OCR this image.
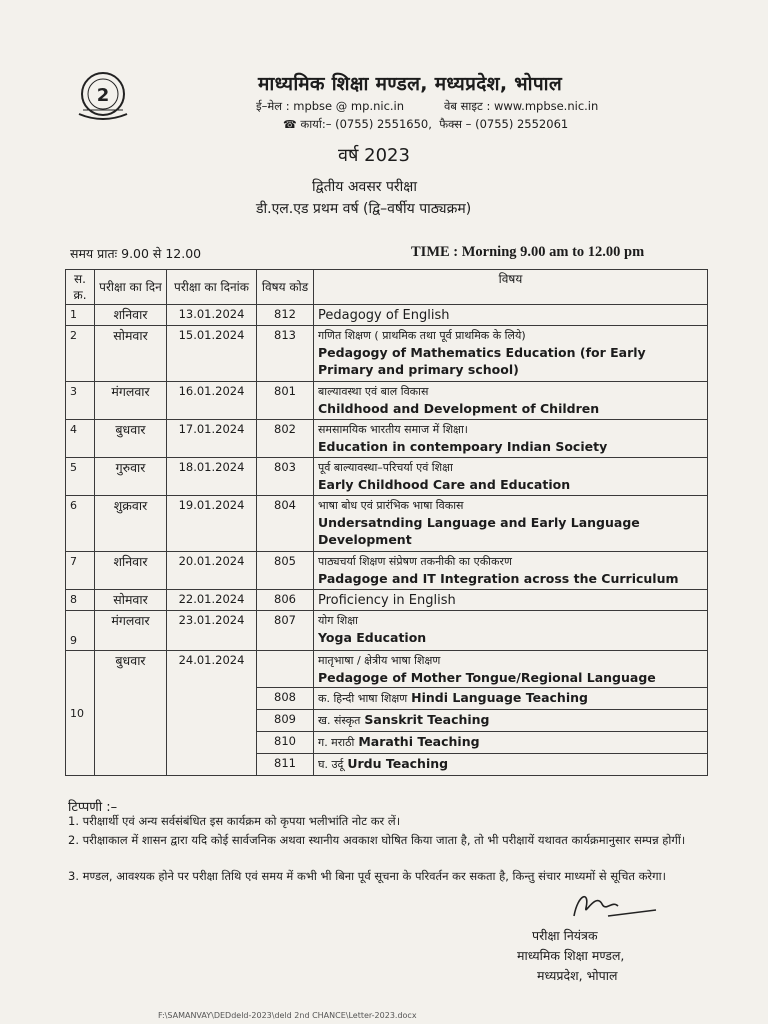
2
माध्यमिक शिक्षा मण्डल, मध्यप्रदेश, भोपाल
ई–मेल : mpbse @ mp.nic.in	वेब साइट : www.mpbse.nic.in
☎ कार्या:– (0755) 2551650, फैक्स – (0755) 2552061
वर्ष 2023
द्वितीय अवसर परीक्षा
डी.एल.एड प्रथम वर्ष (द्वि–वर्षीय पाठ्यक्रम)
समय प्रातः 9.00 से 12.00	TIME : Morning 9.00 am to 12.00 pm
स. क्र.	परीक्षा का दिन	परीक्षा का दिनांक	विषय कोड	विषय
1	शनिवार	13.01.2024	812	Pedagogy of English
2	सोमवार	15.01.2024	813	गणित शिक्षण ( प्राथमिक तथा पूर्व प्राथमिक के लिये)
Pedagogy of Mathematics Education (for Early Primary and primary school)
3	मंगलवार	16.01.2024	801	बाल्यावस्था एवं बाल विकास
Childhood and Development of Children
4	बुधवार	17.01.2024	802	समसामयिक भारतीय समाज में शिक्षा।
Education in contempoary Indian Society
5	गुरुवार	18.01.2024	803	पूर्व बाल्यावस्था–परिचर्या एवं शिक्षा
Early Childhood Care and Education
6	शुक्रवार	19.01.2024	804	भाषा बोध एवं प्रारंभिक भाषा विकास
Undersatnding Language and Early Language Development
7	शनिवार	20.01.2024	805	पाठ्यचर्या शिक्षण संप्रेषण तकनीकी का एकीकरण
Padagoge and IT Integration across the Curriculum
8	सोमवार	22.01.2024	806	Proficiency in English
9	मंगलवार	23.01.2024	807	योग शिक्षा
Yoga Education
10	बुधवार	24.01.2024		मातृभाषा / क्षेत्रीय भाषा शिक्षण
Pedagoge of Mother Tongue/Regional Language
			808	क. हिन्दी भाषा शिक्षण Hindi Language Teaching
			809	ख. संस्कृत Sanskrit Teaching
			810	ग. मराठी Marathi Teaching
			811	घ. उर्दू Urdu Teaching
टिप्पणी :–
1. परीक्षार्थी एवं अन्य सर्वसंबंधित इस कार्यक्रम को कृपया भलीभांति नोट कर लें।
2. परीक्षाकाल में शासन द्वारा यदि कोई सार्वजनिक अथवा स्थानीय अवकाश घोषित किया जाता है, तो भी परीक्षायें यथावत कार्यक्रमानुसार सम्पन्न होगीं।
3. मण्डल, आवश्यक होने पर परीक्षा तिथि एवं समय में कभी भी बिना पूर्व सूचना के परिवर्तन कर सकता है, किन्तु संचार माध्यमों से सूचित करेगा।
परीक्षा नियंत्रक
माध्यमिक शिक्षा मण्डल,
मध्यप्रदेश, भोपाल
F:\SAMANVAY\DEDdeld-2023\deld 2nd CHANCE\Letter-2023.docx
